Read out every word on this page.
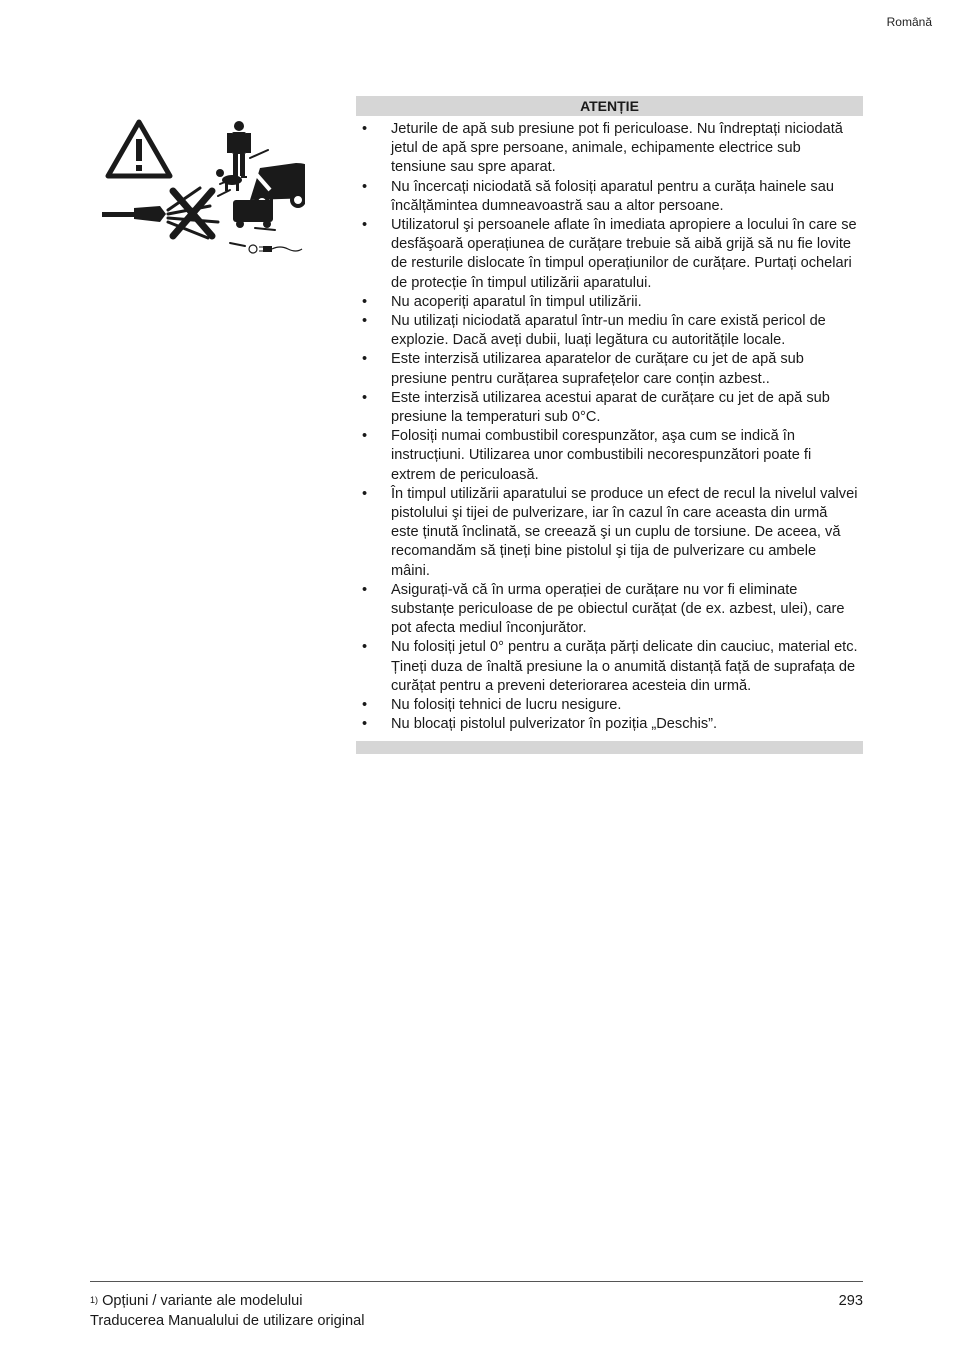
Română
ATENȚIE
• Jeturile de apă sub presiune pot fi periculoase. Nu îndreptați niciodată jetul de apă spre persoane, animale, echipamente electrice sub tensiune sau spre aparat.
• Nu încercați niciodată să folosiți aparatul pentru a curăța hainele sau încălțămintea dumneavoastră sau a altor persoane.
• Utilizatorul şi persoanele aflate în imediata apropiere a locului în care se desfăşoară operațiunea de curățare trebuie să aibă grijă să nu fie lovite de resturile dislocate în timpul operațiunilor de curățare. Purtați ochelari de protecție în timpul utilizării aparatului.
• Nu acoperiți aparatul în timpul utilizării.
• Nu utilizați niciodată aparatul într-un mediu în care există pericol de explozie. Dacă aveți dubii, luați legătura cu autoritățile locale.
• Este interzisă utilizarea aparatelor de curățare cu jet de apă sub presiune pentru curățarea suprafețelor care conțin azbest..
• Este interzisă utilizarea acestui aparat de curățare cu jet de apă sub presiune la temperaturi sub 0°C.
• Folosiți numai combustibil corespunzător, aşa cum se indică în instrucțiuni. Utilizarea unor combustibili necorespunzători poate fi extrem de periculoasă.
• În timpul utilizării aparatului se produce un efect de recul la nivelul valvei pistolului şi tijei de pulverizare, iar în cazul în care aceasta din urmă este ținută înclinată, se creează şi un cuplu de torsiune. De aceea, vă recomandăm să țineți bine pistolul şi tija de pulverizare cu ambele mâini.
• Asigurați-vă că în urma operației de curățare nu vor fi eliminate substanțe periculoase de pe obiectul curățat (de ex. azbest, ulei), care pot afecta mediul înconjurător.
• Nu folosiți jetul 0° pentru a curăța părți delicate din cauciuc, material etc. Țineți duza de înaltă presiune la o anumită distanță față de suprafața de curățat pentru a preveni deteriorarea acesteia din urmă.
• Nu folosiți tehnici de lucru nesigure.
• Nu blocați pistolul pulverizator în poziția „Deschis”.
$^{1)}$ Opțiuni / variante ale modelului
Traducerea Manualului de utilizare original
293
